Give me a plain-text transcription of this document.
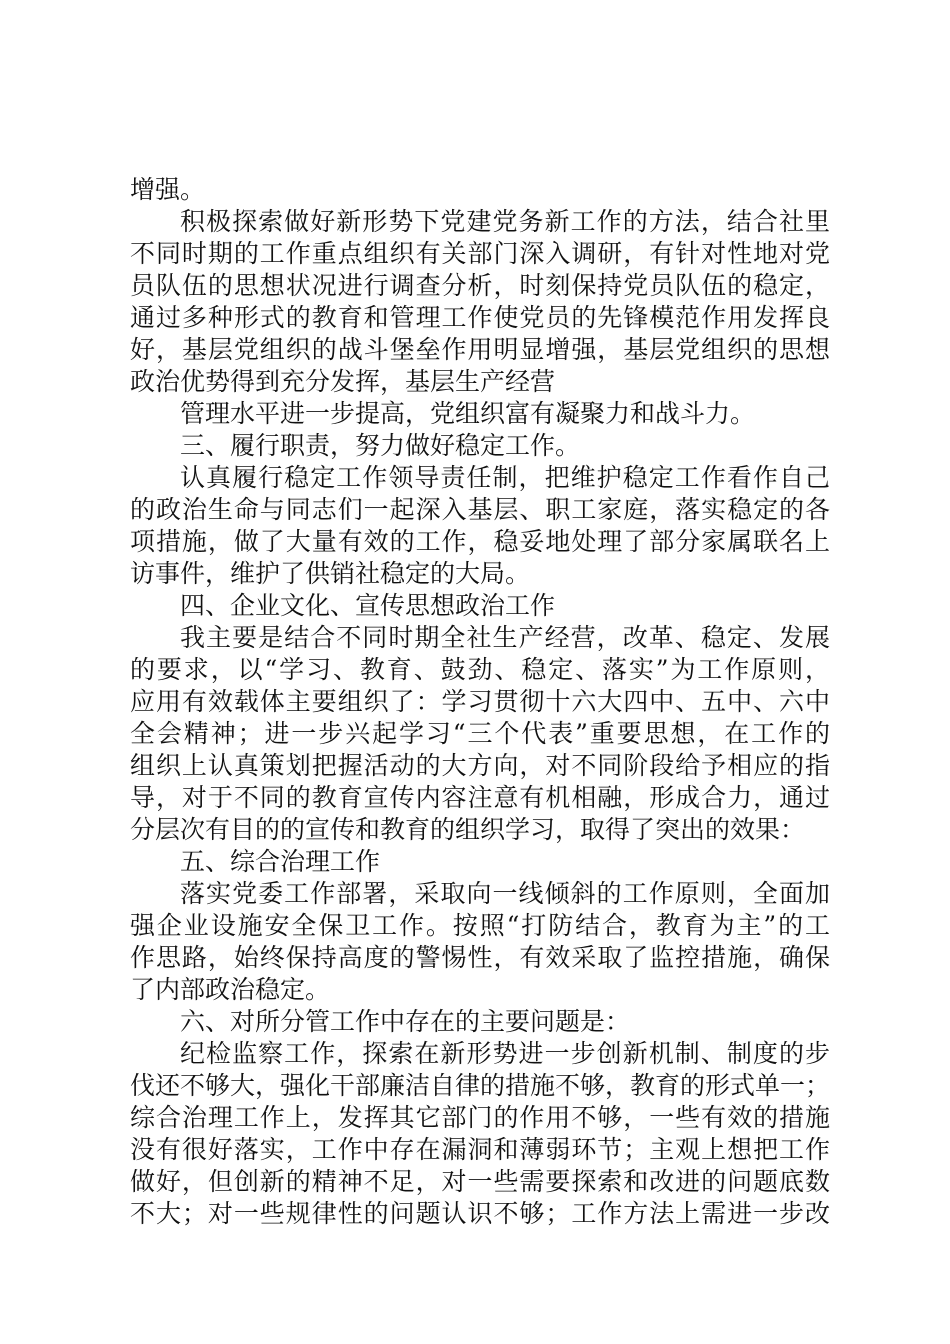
增强。
积极探索做好新形势下党建党务新工作的方法，结合社里
不同时期的工作重点组织有关部门深入调研，有针对性地对党
员队伍的思想状况进行调查分析，时刻保持党员队伍的稳定，
通过多种形式的教育和管理工作使党员的先锋模范作用发挥良
好，基层党组织的战斗堡垒作用明显增强，基层党组织的思想
政治优势得到充分发挥，基层生产经营
管理水平进一步提高，党组织富有凝聚力和战斗力。
三、履行职责，努力做好稳定工作。
认真履行稳定工作领导责任制，把维护稳定工作看作自己
的政治生命与同志们一起深入基层、职工家庭，落实稳定的各
项措施，做了大量有效的工作，稳妥地处理了部分家属联名上
访事件，维护了供销社稳定的大局。
四、企业文化、宣传思想政治工作
我主要是结合不同时期全社生产经营，改革、稳定、发展
的要求，以“学习、教育、鼓劲、稳定、落实”为工作原则，
应用有效载体主要组织了：学习贯彻十六大四中、五中、六中
全会精神；进一步兴起学习“三个代表”重要思想，在工作的
组织上认真策划把握活动的大方向，对不同阶段给予相应的指
导，对于不同的教育宣传内容注意有机相融，形成合力，通过
分层次有目的的宣传和教育的组织学习，取得了突出的效果：
五、综合治理工作
落实党委工作部署，采取向一线倾斜的工作原则，全面加
强企业设施安全保卫工作。按照“打防结合，教育为主”的工
作思路，始终保持高度的警惕性，有效采取了监控措施，确保
了内部政治稳定。
六、对所分管工作中存在的主要问题是：
纪检监察工作，探索在新形势进一步创新机制、制度的步
伐还不够大，强化干部廉洁自律的措施不够，教育的形式单一；
综合治理工作上，发挥其它部门的作用不够，一些有效的措施
没有很好落实，工作中存在漏洞和薄弱环节；主观上想把工作
做好，但创新的精神不足，对一些需要探索和改进的问题底数
不大；对一些规律性的问题认识不够；工作方法上需进一步改
